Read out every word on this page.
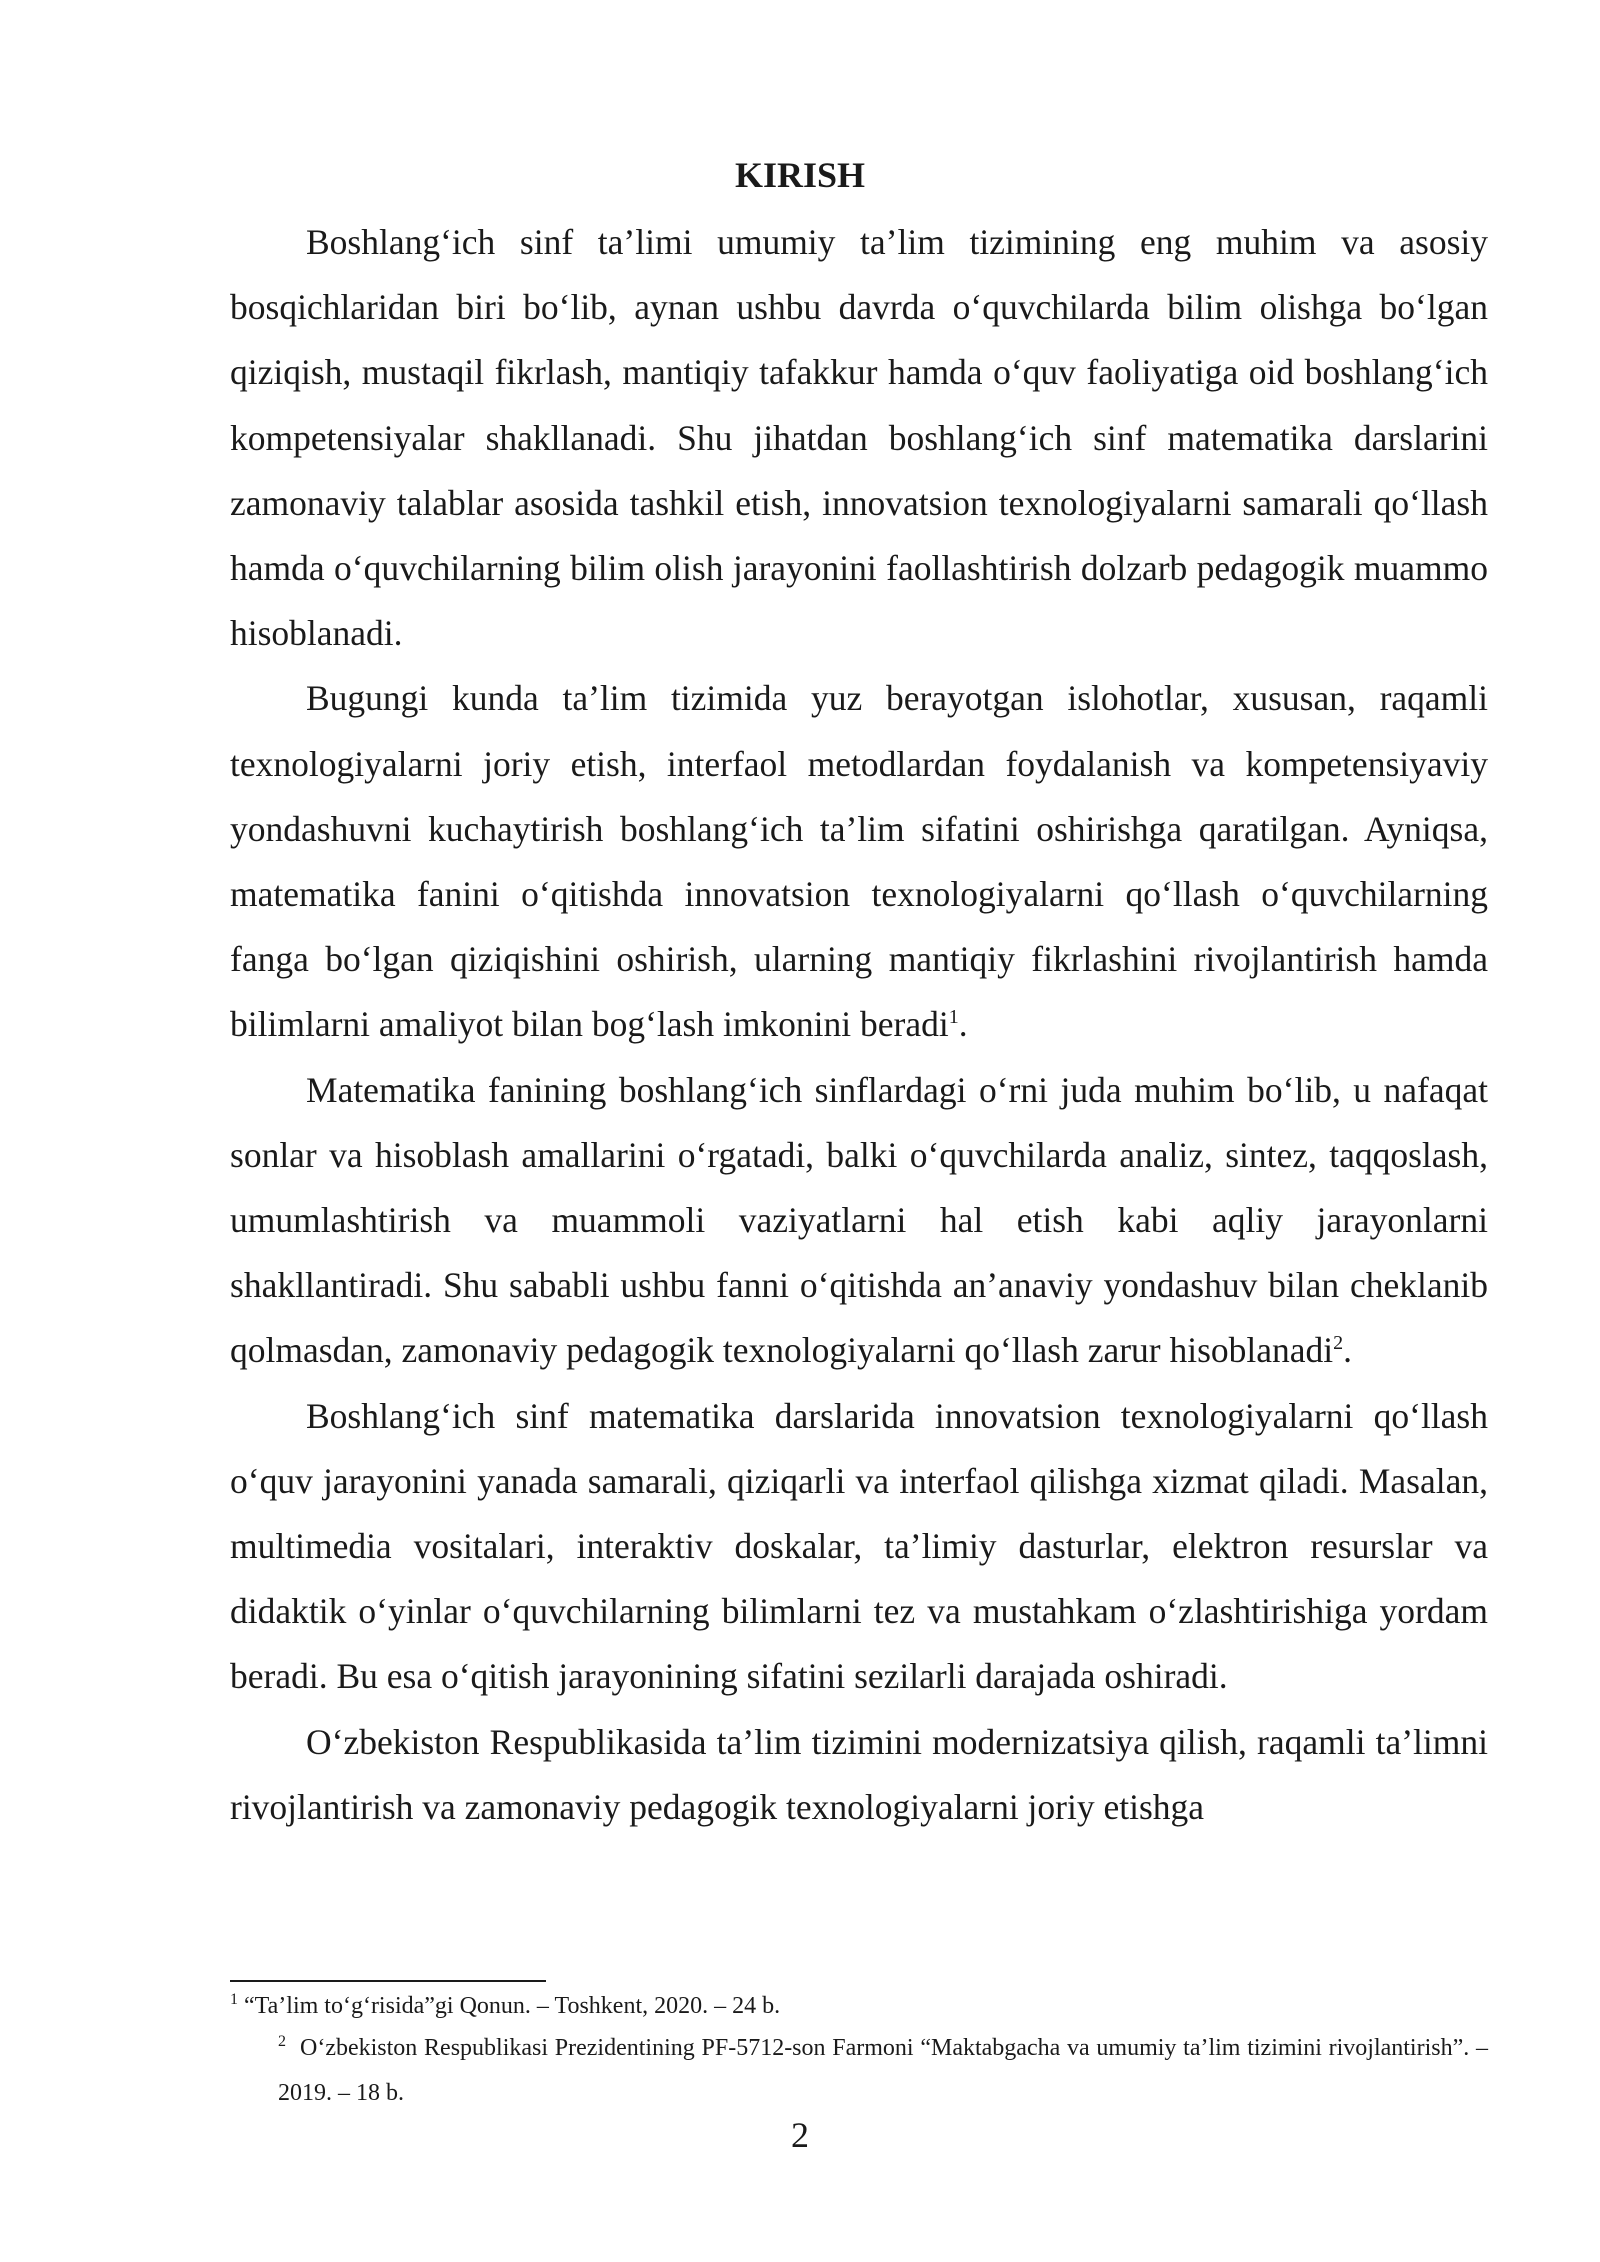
KIRISH

Boshlang‘ich sinf ta’limi umumiy ta’lim tizimining eng muhim va asosiy bosqichlaridan biri bo‘lib, aynan ushbu davrda o‘quvchilarda bilim olishga bo‘lgan qiziqish, mustaqil fikrlash, mantiqiy tafakkur hamda o‘quv faoliyatiga oid boshlang‘ich kompetensiyalar shakllanadi. Shu jihatdan boshlang‘ich sinf matematika darslarini zamonaviy talablar asosida tashkil etish, innovatsion texnologiyalarni samarali qo‘llash hamda o‘quvchilarning bilim olish jarayonini faollashtirish dolzarb pedagogik muammo hisoblanadi.

Bugungi kunda ta’lim tizimida yuz berayotgan islohotlar, xususan, raqamli texnologiyalarni joriy etish, interfaol metodlardan foydalanish va kompetensiyaviy yondashuvni kuchaytirish boshlang‘ich ta’lim sifatini oshirishga qaratilgan. Ayniqsa, matematika fanini o‘qitishda innovatsion texnologiyalarni qo‘llash o‘quvchilarning fanga bo‘lgan qiziqishini oshirish, ularning mantiqiy fikrlashini rivojlantirish hamda bilimlarni amaliyot bilan bog‘lash imkonini beradi$^1$.

Matematika fanining boshlang‘ich sinflardagi o‘rni juda muhim bo‘lib, u nafaqat sonlar va hisoblash amallarini o‘rgatadi, balki o‘quvchilarda analiz, sintez, taqqoslash, umumlashtirish va muammoli vaziyatlarni hal etish kabi aqliy jarayonlarni shakllantiradi. Shu sababli ushbu fanni o‘qitishda an’anaviy yondashuv bilan cheklanib qolmasdan, zamonaviy pedagogik texnologiyalarni qo‘llash zarur hisoblanadi$^2$.

Boshlang‘ich sinf matematika darslarida innovatsion texnologiyalarni qo‘llash o‘quv jarayonini yanada samarali, qiziqarli va interfaol qilishga xizmat qiladi. Masalan, multimedia vositalari, interaktiv doskalar, ta’limiy dasturlar, elektron resurslar va didaktik o‘yinlar o‘quvchilarning bilimlarni tez va mustahkam o‘zlashtirishiga yordam beradi. Bu esa o‘qitish jarayonining sifatini sezilarli darajada oshiradi.

O‘zbekiston Respublikasida ta’lim tizimini modernizatsiya qilish, raqamli ta’limni rivojlantirish va zamonaviy pedagogik texnologiyalarni joriy etishga

$^1$ “Ta’lim to‘g‘risida”gi Qonun. – Toshkent, 2020. – 24 b.

$^2$ O‘zbekiston Respublikasi Prezidentining PF-5712-son Farmoni “Maktabgacha va umumiy ta’lim tizimini rivojlantirish”. – 2019. – 18 b.

2
